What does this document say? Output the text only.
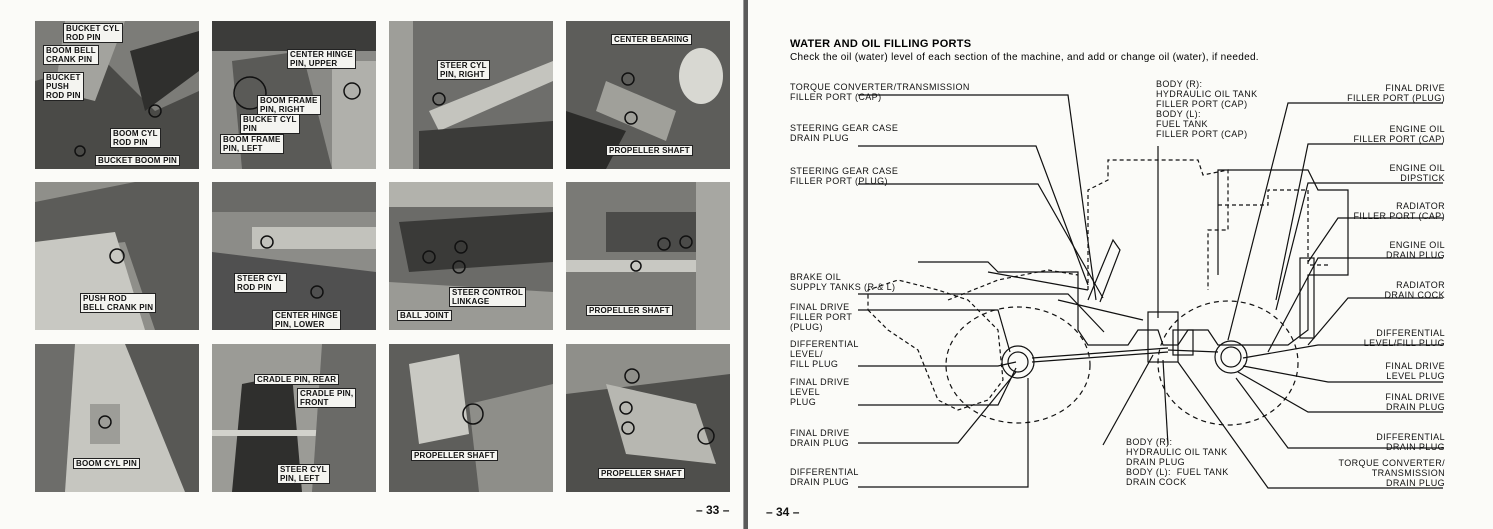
BUCKET CYL
ROD PIN
BOOM BELL
CRANK PIN
BUCKET
PUSH
ROD PIN
BOOM CYL
ROD PIN
BUCKET BOOM PIN
CENTER HINGE
PIN, UPPER
BOOM FRAME
PIN, RIGHT
BUCKET CYL
PIN
BOOM FRAME
PIN, LEFT
STEER CYL
PIN, RIGHT
CENTER BEARING
PROPELLER SHAFT
PUSH ROD
BELL CRANK PIN
STEER CYL
ROD PIN
CENTER HINGE
PIN, LOWER
STEER CONTROL
LINKAGE
BALL JOINT
PROPELLER SHAFT
BOOM CYL PIN
CRADLE PIN, REAR
CRADLE PIN,
FRONT
STEER CYL
PIN, LEFT
PROPELLER SHAFT
PROPELLER SHAFT
– 33 –
WATER AND OIL FILLING PORTS
Check the oil (water) level of each section of the machine, and add or change oil (water), if needed.
TORQUE CONVERTER/TRANSMISSION
FILLER PORT (CAP)
STEERING GEAR CASE
DRAIN PLUG
STEERING GEAR CASE
FILLER PORT (PLUG)
BRAKE OIL
SUPPLY TANKS (R & L)
FINAL DRIVE
FILLER PORT
(PLUG)
DIFFERENTIAL
LEVEL/
FILL PLUG
FINAL DRIVE
LEVEL
PLUG
FINAL DRIVE
DRAIN PLUG
DIFFERENTIAL
DRAIN PLUG
BODY (R):
HYDRAULIC OIL TANK
FILLER PORT (CAP)
BODY (L):
FUEL TANK
FILLER PORT (CAP)
BODY (R):
HYDRAULIC OIL TANK
DRAIN PLUG
BODY (L):  FUEL TANK
DRAIN COCK
FINAL DRIVE
FILLER PORT (PLUG)
ENGINE OIL
FILLER PORT (CAP)
ENGINE OIL
DIPSTICK
RADIATOR
FILLER PORT (CAP)
ENGINE OIL
DRAIN PLUG
RADIATOR
DRAIN COCK
DIFFERENTIAL
LEVEL/FILL PLUG
FINAL DRIVE
LEVEL PLUG
FINAL DRIVE
DRAIN PLUG
DIFFERENTIAL
DRAIN PLUG
TORQUE CONVERTER/
TRANSMISSION
DRAIN PLUG
– 34 –
